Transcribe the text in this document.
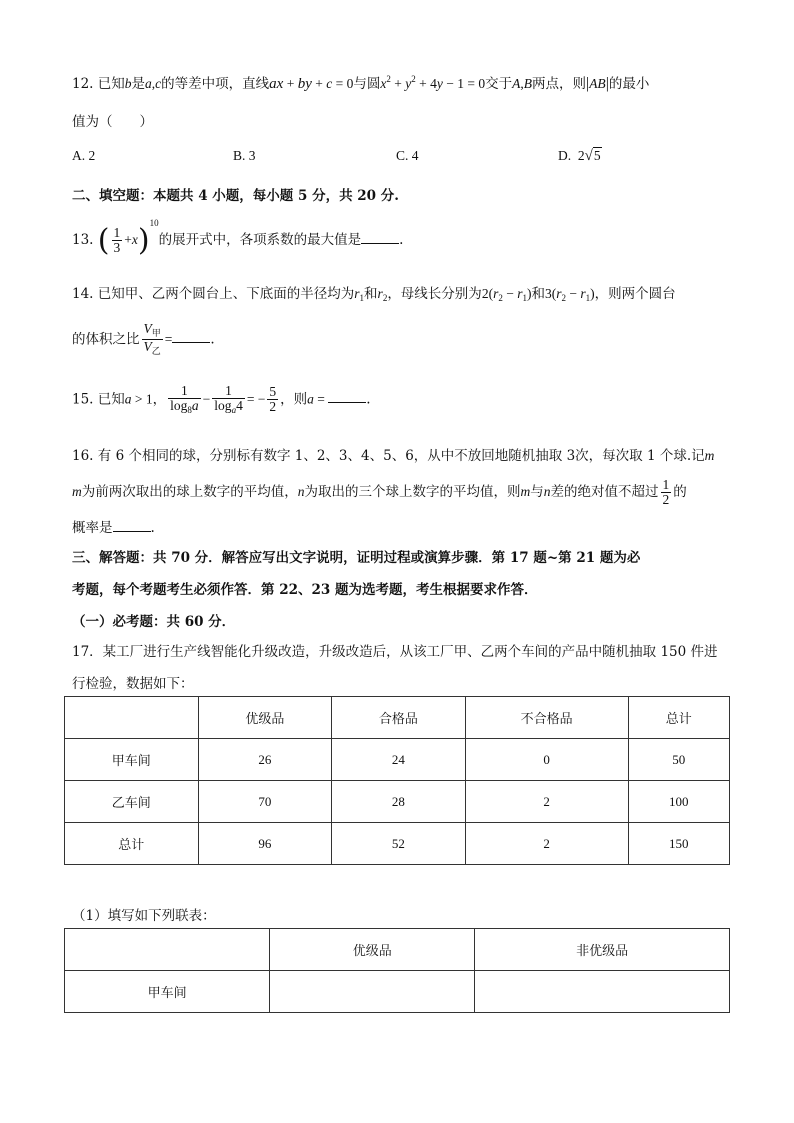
12. 已知b是a,c的等差中项，直线ax + by + c = 0与圆$x^2 + y^2 + 4y - 1 = 0$交于A,B两点，则|AB|的最小
值为（　　）
A. 2	B. 3	C. 4	D.  2√5
二、填空题：本题共 4 小题，每小题 5 分，共 20 分.
13. ( $\frac{1}{3} +x)^{10}$的展开式中，各项系数的最大值是	.
14. 已知甲、乙两个圆台上、下底面的半径均为$r_1$和$r_2$，母线长分别为$2(r_2 - r_1)$和$3(r_2 - r_1)$，则两个圆台
的体积之比 $\frac{V_甲}{V_乙}$ =	.
15. 已知a > 1， $\frac{1}{\log_8a} - \frac{1}{\log_a4}$ = − $\frac{5}{2}$ ，则a =	.
16. 有 6 个相同的球，分别标有数字 1、2、3、4、5、6，从中不放回地随机抽取 3次，每次取 1 个球.记m
m为前两次取出的球上数字的平均值，n为取出的三个球上数字的平均值，则m与n差的绝对值不超过 $\frac{1}{2}$ 的
概率是	.
三、解答题：共 70 分．解答应写出文字说明，证明过程或演算步骤．第 17 题~第 21 题为必
考题，每个考题考生必须作答．第 22、23 题为选考题，考生根据要求作答．
（一）必考题：共 60 分．
17．某工厂进行生产线智能化升级改造，升级改造后，从该工厂甲、乙两个车间的产品中随机抽取 150 件进
行检验，数据如下：
	优级品	合格品	不合格品	总计
甲车间	26	24	0	50
乙车间	70	28	2	100
总计	96	52	2	150
（1）填写如下列联表：
	优级品	非优级品
甲车间		
